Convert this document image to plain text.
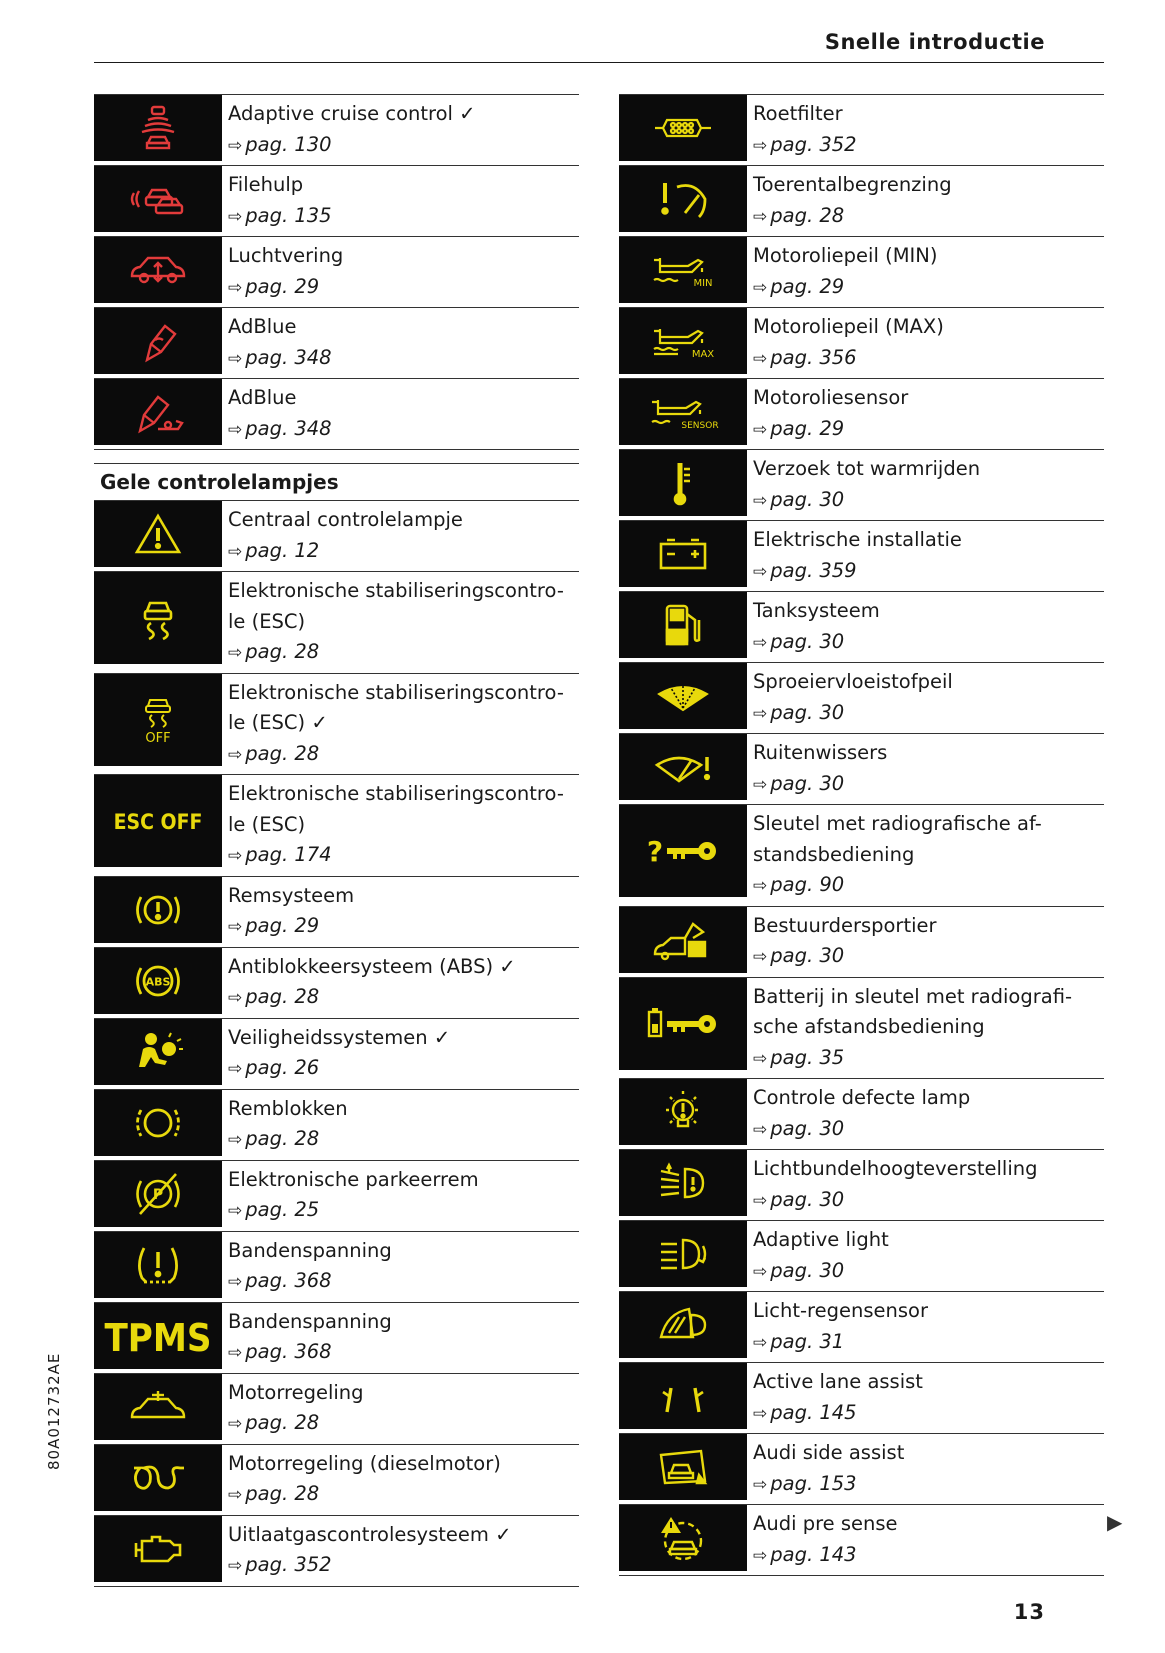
Snelle introductie
Adaptive cruise control ✓
⇨ pag. 130
Filehulp
⇨ pag. 135
Luchtvering
⇨ pag. 29
AdBlue
⇨ pag. 348
AdBlue
⇨ pag. 348
Gele controlelampjes
Centraal controlelampje
⇨ pag. 12
Elektronische stabiliseringscontro-
le (ESC)
⇨ pag. 28
OFF
Elektronische stabiliseringscontro-
le (ESC) ✓
⇨ pag. 28
ESC OFF
Elektronische stabiliseringscontro-
le (ESC)
⇨ pag. 174
Remsysteem
⇨ pag. 29
ABS
Antiblokkeersysteem (ABS) ✓
⇨ pag. 28
Veiligheidssystemen ✓
⇨ pag. 26
Remblokken
⇨ pag. 28
P
Elektronische parkeerrem
⇨ pag. 25
Bandenspanning
⇨ pag. 368
TPMS Bandenspanning
⇨ pag. 368
Motorregeling
⇨ pag. 28
Motorregeling (dieselmotor)
⇨ pag. 28
Uitlaatgascontrolesysteem ✓
⇨ pag. 352
Roetfilter
⇨ pag. 352
Toerentalbegrenzing
⇨ pag. 28
MIN
Motoroliepeil (MIN)
⇨ pag. 29
MAX
Motoroliepeil (MAX)
⇨ pag. 356
SENSOR
Motoroliesensor
⇨ pag. 29
Verzoek tot warmrijden
⇨ pag. 30
Elektrische installatie
⇨ pag. 359
Tanksysteem
⇨ pag. 30
Sproeiervloeistofpeil
⇨ pag. 30
Ruitenwissers
⇨ pag. 30
?
Sleutel met radiografische af-
standsbediening
⇨ pag. 90
Bestuurdersportier
⇨ pag. 30
Batterij in sleutel met radiografi-
sche afstandsbediening
⇨ pag. 35
Controle defecte lamp
⇨ pag. 30
Lichtbundelhoogteverstelling
⇨ pag. 30
Adaptive light
⇨ pag. 30
Licht-regensensor
⇨ pag. 31
Active lane assist
⇨ pag. 145
Audi side assist
⇨ pag. 153
Audi pre sense
⇨ pag. 143
▶
80A012732AE
13
